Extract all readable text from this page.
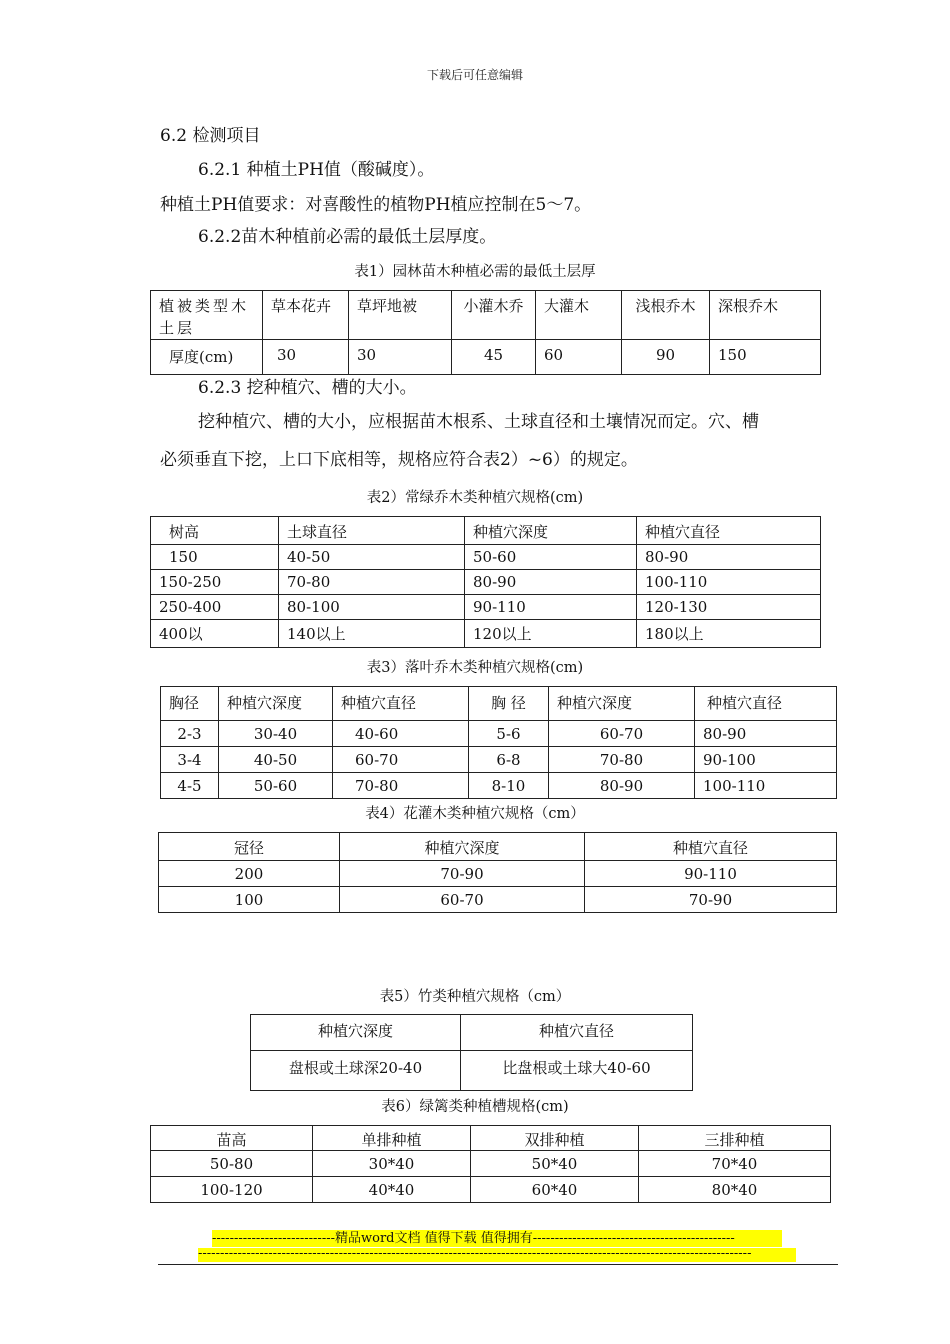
下载后可任意编辑
6.2 检测项目
6.2.1 种植土PH值（酸碱度）。
种植土PH值要求：对喜酸性的植物PH植应控制在5～7。
6.2.2苗木种植前必需的最低土层厚度。
表1）园林苗木种植必需的最低土层厚
植被类型木土层	草本花卉	草坪地被	小灌木乔	大灌木	浅根乔木	深根乔木
厚度(cm)	30	30	45	60	90	150
6.2.3 挖种植穴、槽的大小。
挖种植穴、槽的大小，应根据苗木根系、土球直径和土壤情况而定。穴、槽
必须垂直下挖，上口下底相等，规格应符合表2）~6）的规定。
表2）常绿乔木类种植穴规格(cm)
树高	土球直径	种植穴深度	种植穴直径
150	40-50	50-60	80-90
150-250	70-80	80-90	100-110
250-400	80-100	90-110	120-130
400以	140以上	120以上	180以上
表3）落叶乔木类种植穴规格(cm)
胸径	种植穴深度	种植穴直径	胸 径	种植穴深度	种植穴直径
2-3	30-40	40-60	5-6	60-70	80-90
3-4	40-50	60-70	6-8	70-80	90-100
4-5	50-60	70-80	8-10	80-90	100-110
表4）花灌木类种植穴规格（cm）
冠径	种植穴深度	种植穴直径
200	70-90	90-110
100	60-70	70-90
表5）竹类种植穴规格（cm）
种植穴深度	种植穴直径
盘根或土球深20-40	比盘根或土球大40-60
表6）绿篱类种植槽规格(cm)
苗高	单排种植	双排种植	三排种植
50-80	30*40	50*40	70*40
100-120	40*40	60*40	80*40
----------------------------精品word文档 值得下载 值得拥有----------------------------------------------
------------------------------------------------------------------------------------------------------------------------------
